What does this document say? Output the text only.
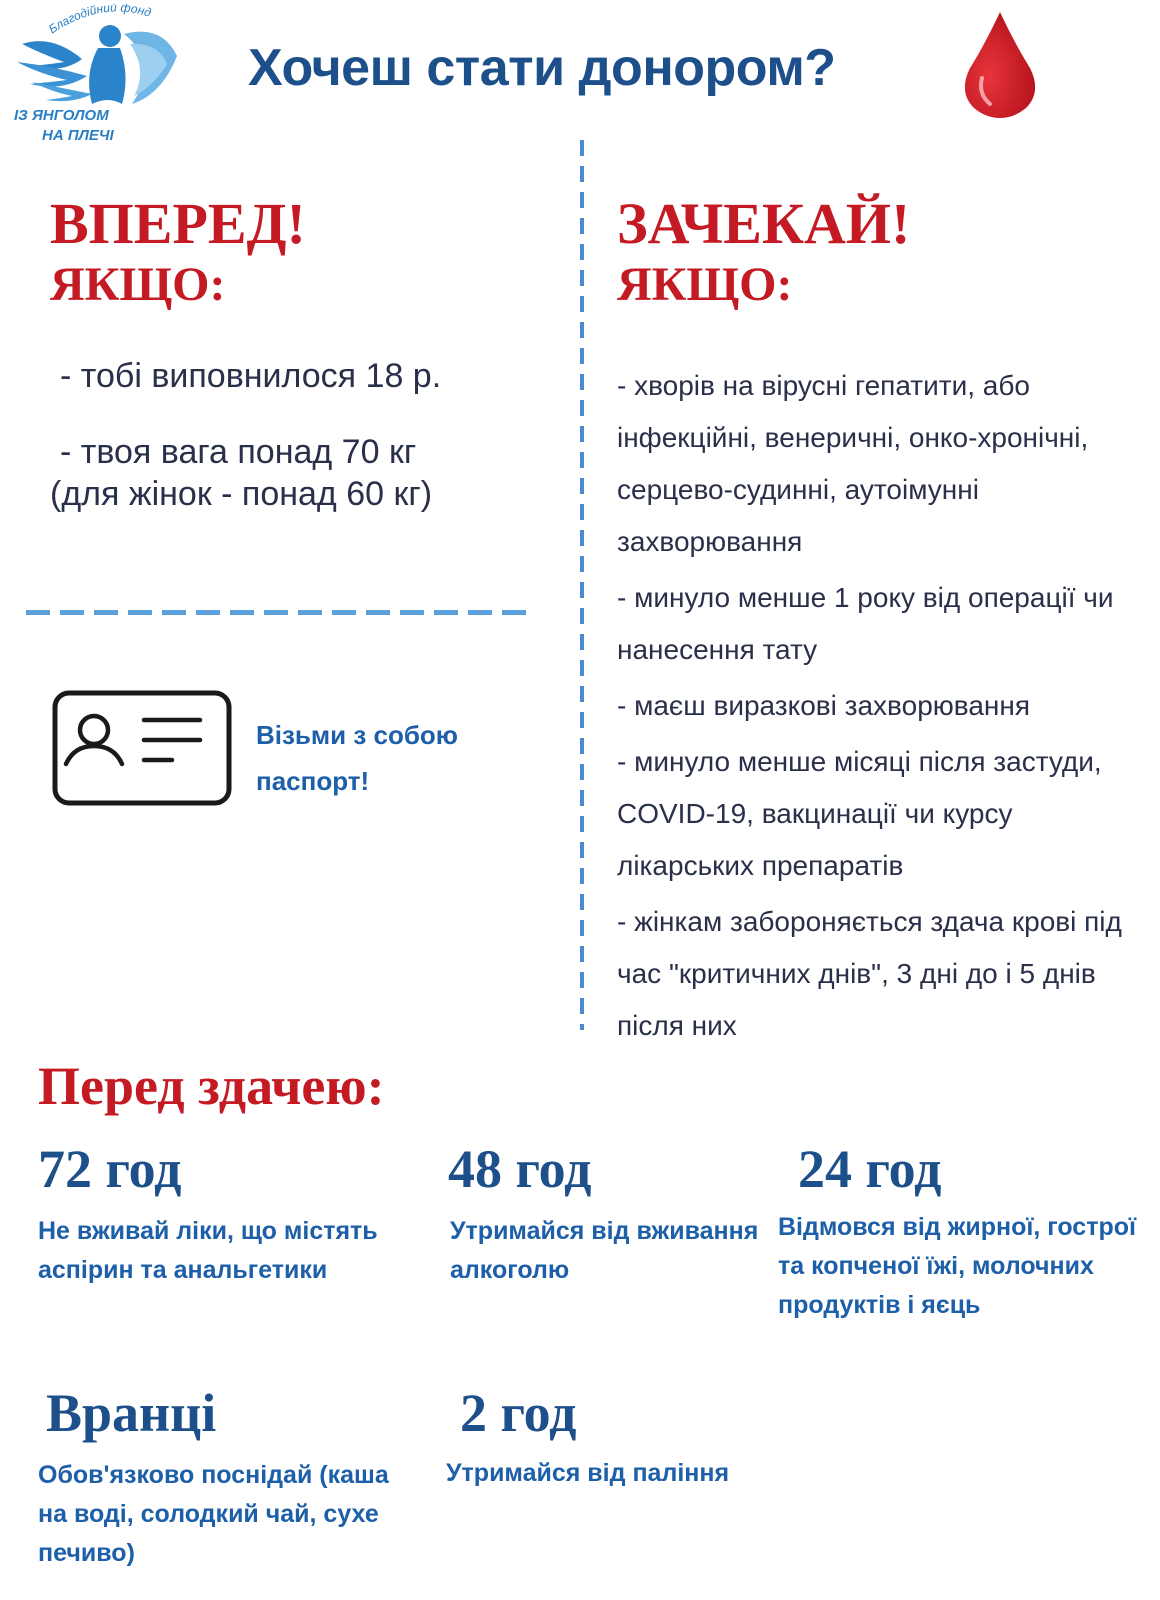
Благодійний фонд
ІЗ ЯНГОЛОМ
НА ПЛЕЧІ
Хочеш стати донором?
ВПЕРЕД!
ЯКЩО:
- тобі виповнилося 18 р.
- твоя вага понад 70 кг
(для жінок - понад 60 кг)
Візьми з собою
паспорт!
ЗАЧЕКАЙ!
ЯКЩО:
- хворів на вірусні гепатити, або інфекційні, венеричні, онко-хронічні, серцево-судинні, аутоімунні захворювання
- минуло менше 1 року від операції чи нанесення тату
- маєш виразкові захворювання
- минуло менше місяці після застуди, COVID-19, вакцинації чи курсу лікарських препаратів
- жінкам забороняється здача крові під час "критичних днів", 3 дні до і 5 днів після них
Перед здачею:
72 год
Не вживай ліки, що містять аспірин та анальгетики
48 год
Утримайся від вживання алкоголю
24 год
Відмовся від жирної, гострої та копченої їжі, молочних продуктів і яєць
Вранці
Обов'язково поснідай (каша на воді, солодкий чай, сухе печиво)
2 год
Утримайся від паління
